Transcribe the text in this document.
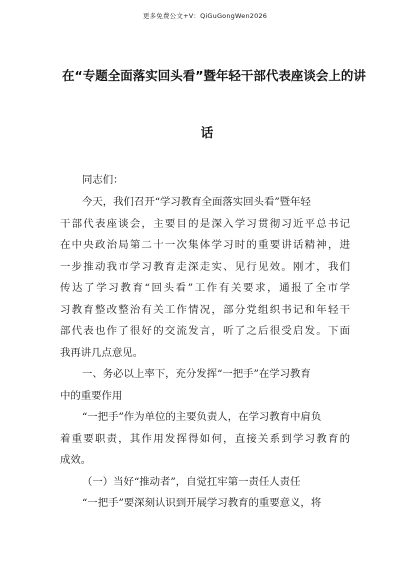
更多免费公文+V：QiGuGongWen2026
在“专题全面落实回头看”暨年轻干部代表座谈会上的讲
话
同志们：
今天，我们召开“学习教育全面落实回头看”暨年轻
干部代表座谈会，主要目的是深入学习贯彻习近平总书记
在中央政治局第二十一次集体学习时的重要讲话精神，进
一步推动我市学习教育走深走实、见行见效。刚才，我们
传达了学习教育“回头看”工作有关要求，通报了全市学
习教育整改整治有关工作情况，部分党组织书记和年轻干
部代表也作了很好的交流发言，听了之后很受启发。下面
我再讲几点意见。
一、务必以上率下，充分发挥“一把手”在学习教育
中的重要作用
“一把手”作为单位的主要负责人，在学习教育中肩负
着重要职责，其作用发挥得如何，直接关系到学习教育的
成效。
（一）当好“推动者”，自觉扛牢第一责任人责任
“一把手”要深刻认识到开展学习教育的重要意义，将
